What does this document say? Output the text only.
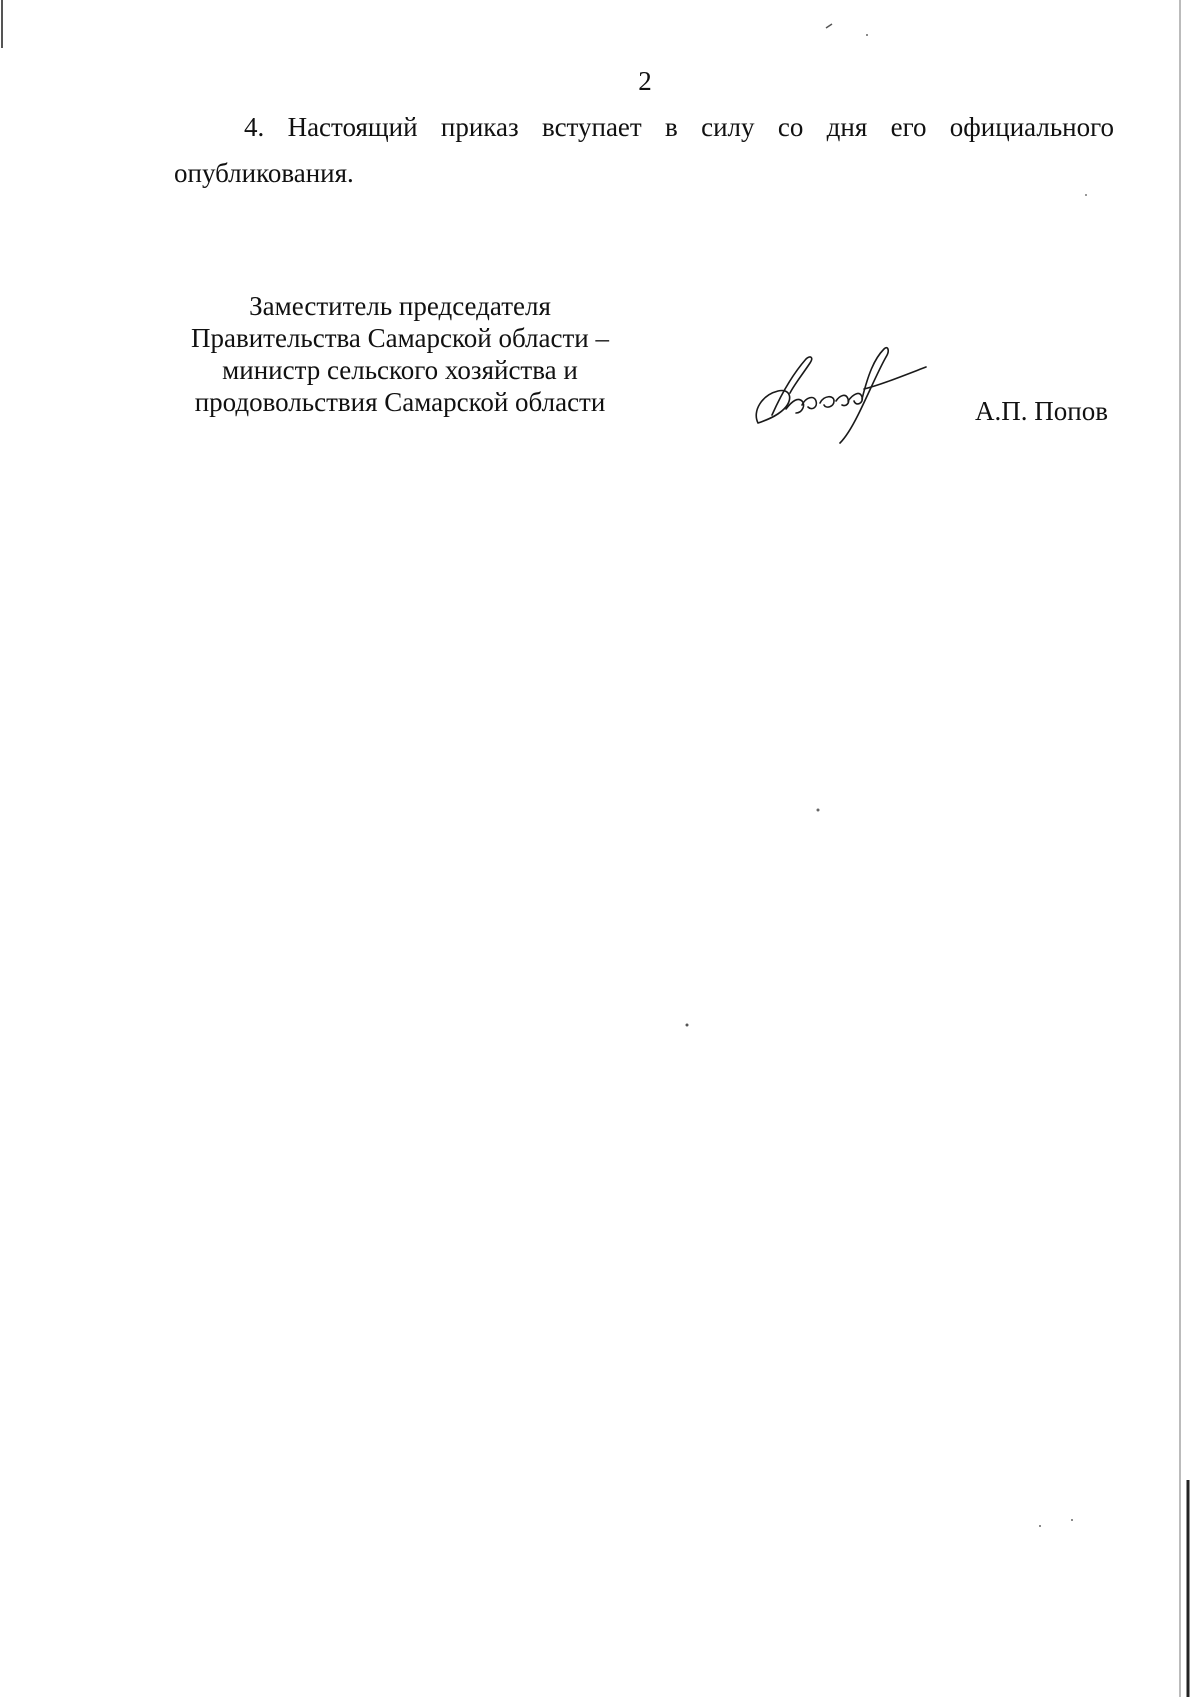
2
4. Настоящий приказ вступает в силу со дня его официального
опубликования.
Заместитель председателя
Правительства Самарской области –
министр сельского хозяйства и
продовольствия Самарской области	А.П. Попов
